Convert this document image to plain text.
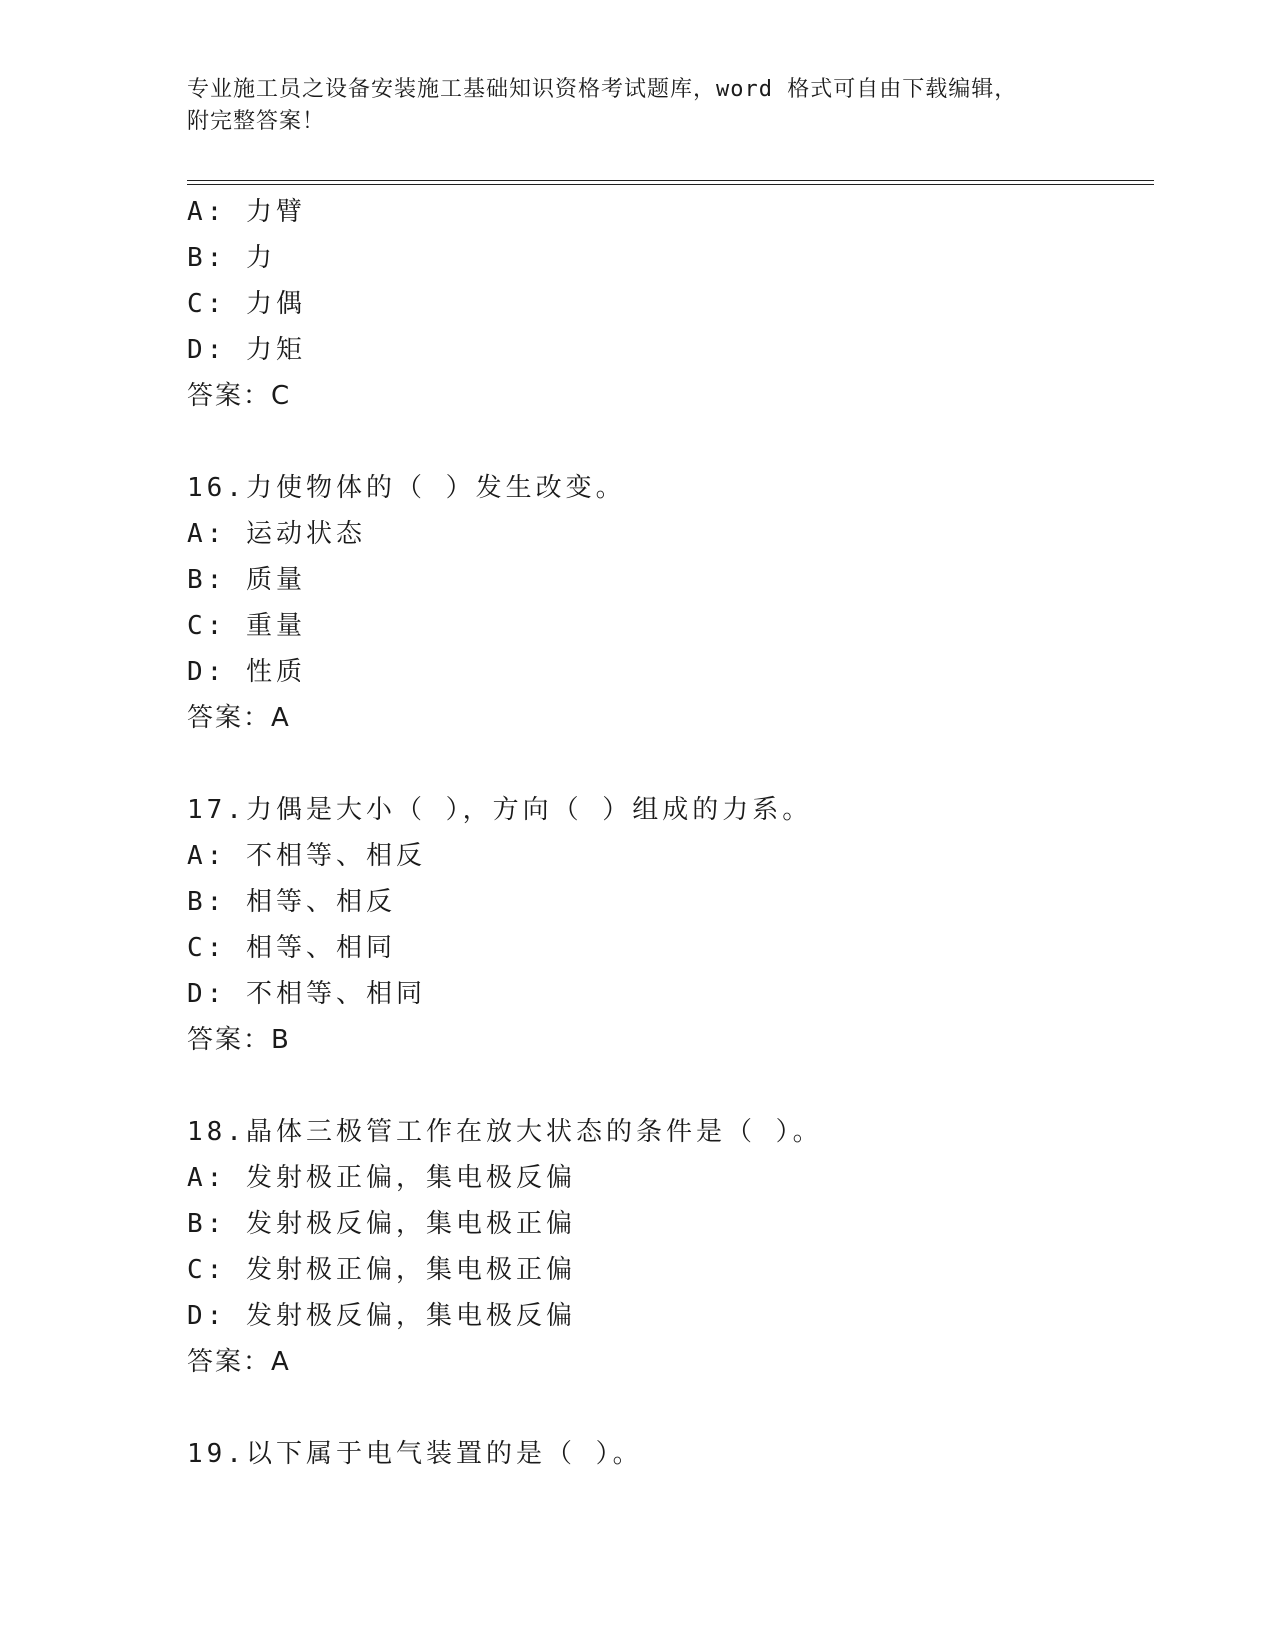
专业施工员之设备安装施工基础知识资格考试题库，word 格式可自由下载编辑，
附完整答案！
A: 力臂
B: 力
C: 力偶
D: 力矩
答案：C
16.力使物体的（ ）发生改变。
A: 运动状态
B: 质量
C: 重量
D: 性质
答案：A
17.力偶是大小（ ），方向（ ）组成的力系。
A: 不相等、相反
B: 相等、相反
C: 相等、相同
D: 不相等、相同
答案：B
18.晶体三极管工作在放大状态的条件是（ ）。
A: 发射极正偏，集电极反偏
B: 发射极反偏，集电极正偏
C: 发射极正偏，集电极正偏
D: 发射极反偏，集电极反偏
答案：A
19.以下属于电气装置的是（ ）。
